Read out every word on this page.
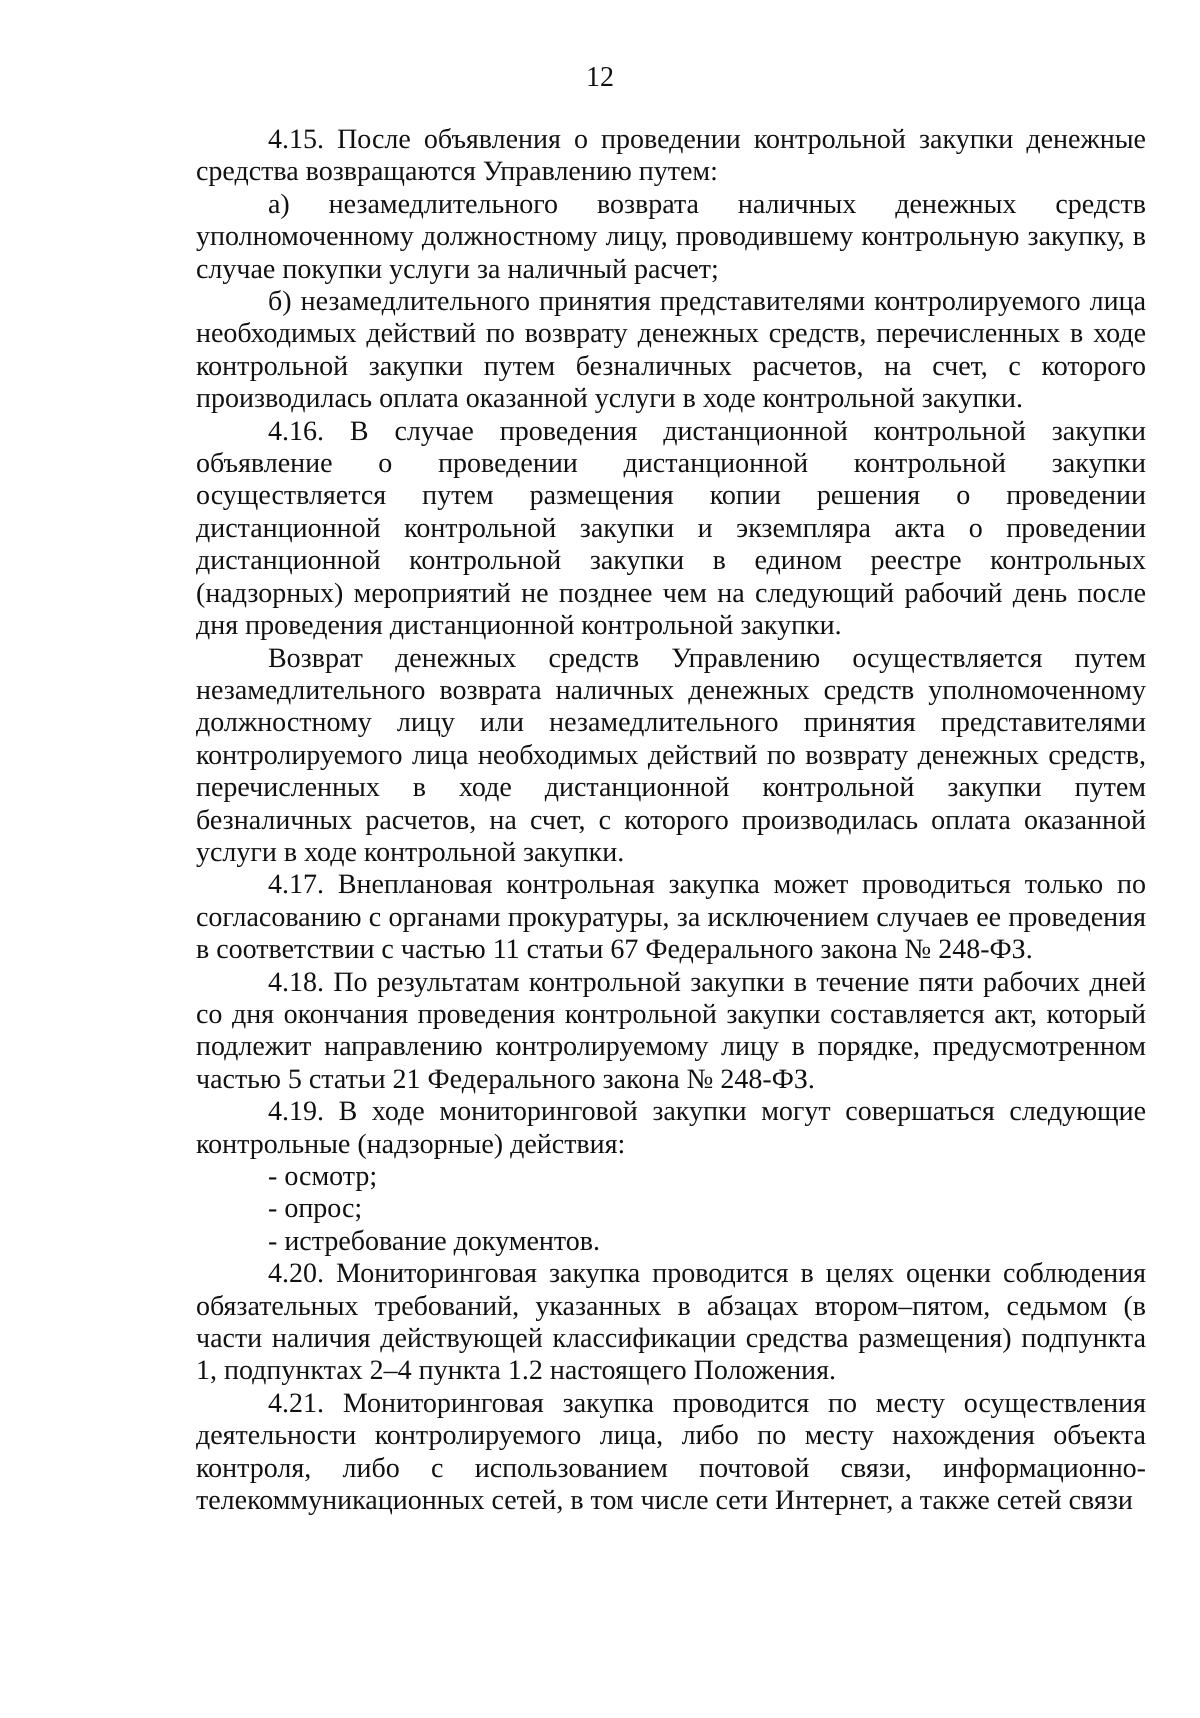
12

4.15. После объявления о проведении контрольной закупки денежные средства возвращаются Управлению путем:

а) незамедлительного возврата наличных денежных средств уполномоченному должностному лицу, проводившему контрольную закупку, в случае покупки услуги за наличный расчет;

б) незамедлительного принятия представителями контролируемого лица необходимых действий по возврату денежных средств, перечисленных в ходе контрольной закупки путем безналичных расчетов, на счет, с которого производилась оплата оказанной услуги в ходе контрольной закупки.

4.16. В случае проведения дистанционной контрольной закупки объявление о проведении дистанционной контрольной закупки осуществляется путем размещения копии решения о проведении дистанционной контрольной закупки и экземпляра акта о проведении дистанционной контрольной закупки в едином реестре контрольных (надзорных) мероприятий не позднее чем на следующий рабочий день после дня проведения дистанционной контрольной закупки.

Возврат денежных средств Управлению осуществляется путем незамедлительного возврата наличных денежных средств уполномоченному должностному лицу или незамедлительного принятия представителями контролируемого лица необходимых действий по возврату денежных средств, перечисленных в ходе дистанционной контрольной закупки путем безналичных расчетов, на счет, с которого производилась оплата оказанной услуги в ходе контрольной закупки.

4.17. Внеплановая контрольная закупка может проводиться только по согласованию с органами прокуратуры, за исключением случаев ее проведения в соответствии с частью 11 статьи 67 Федерального закона № 248-ФЗ.

4.18. По результатам контрольной закупки в течение пяти рабочих дней со дня окончания проведения контрольной закупки составляется акт, который подлежит направлению контролируемому лицу в порядке, предусмотренном частью 5 статьи 21 Федерального закона № 248-ФЗ.

4.19. В ходе мониторинговой закупки могут совершаться следующие контрольные (надзорные) действия:

- осмотр;

- опрос;

- истребование документов.

4.20. Мониторинговая закупка проводится в целях оценки соблюдения обязательных требований, указанных в абзацах втором–пятом, седьмом (в части наличия действующей классификации средства размещения) подпункта 1, подпунктах 2–4 пункта 1.2 настоящего Положения.

4.21. Мониторинговая закупка проводится по месту осуществления деятельности контролируемого лица, либо по месту нахождения объекта контроля, либо с использованием почтовой связи, информационно-телекоммуникационных сетей, в том числе сети Интернет, а также сетей связи
